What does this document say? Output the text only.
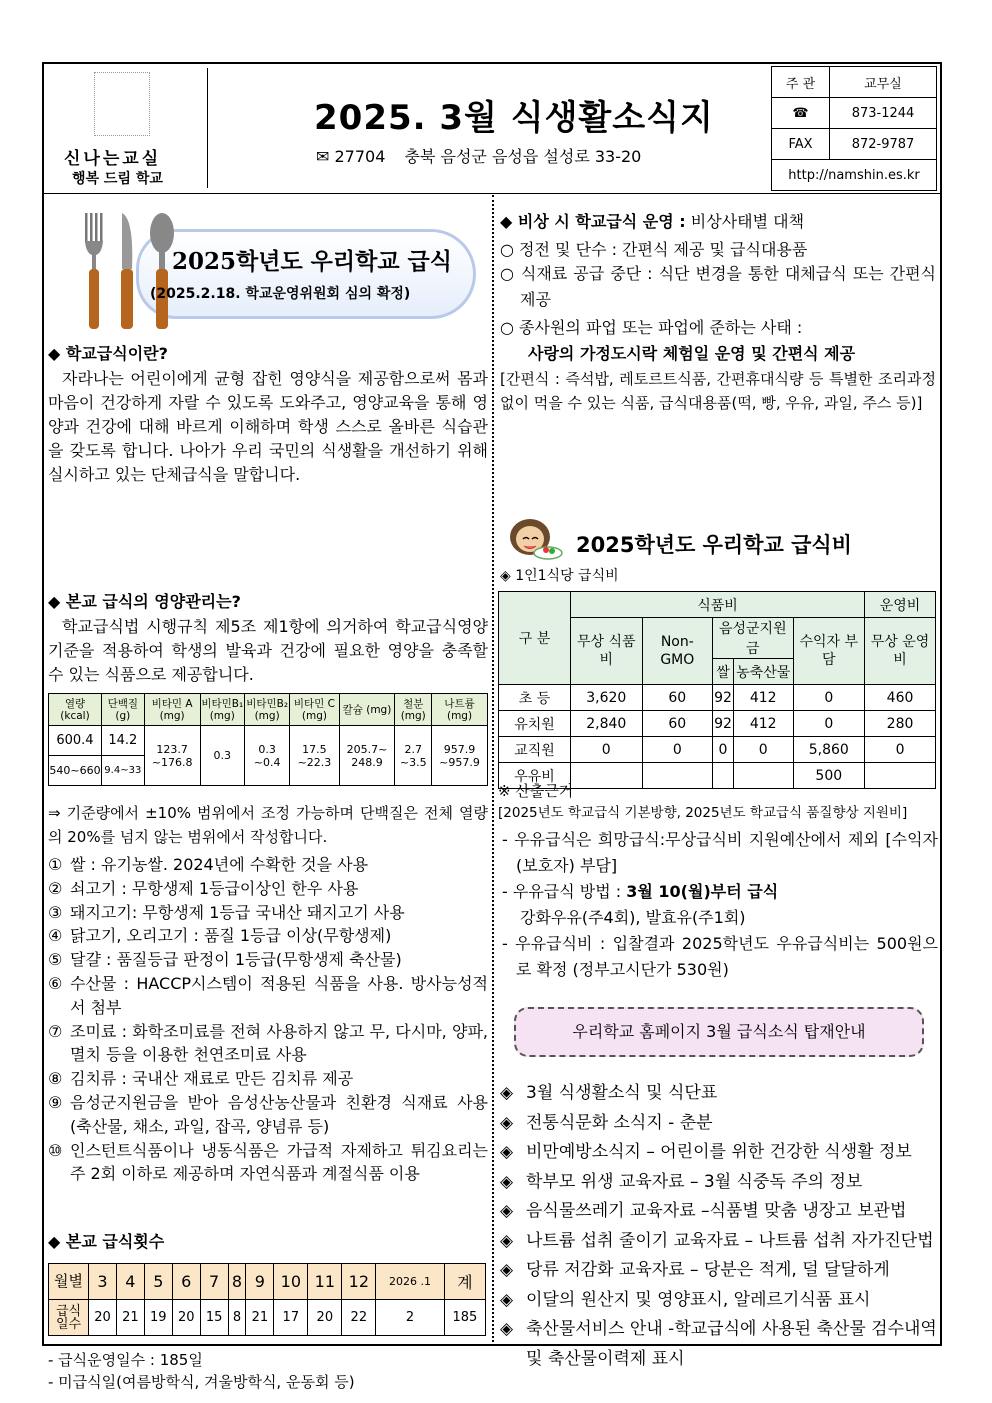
신나는교실
행복 드림 학교
2025. 3월 식생활소식지
✉ 27704 충북 음성군 음성읍 설성로 33-20
주 관	교무실
☎	873-1244
FAX	872-9787
http://namshin.es.kr	
2025학년도 우리학교 급식
(2025.2.18. 학교운영위원회 심의 확정)
◆ 학교급식이란?
자라나는 어린이에게 균형 잡힌 영양식을 제공함으로써 몸과 마음이 건강하게 자랄 수 있도록 도와주고, 영양교육을 통해 영양과 건강에 대해 바르게 이해하며 학생 스스로 올바른 식습관을 갖도록 합니다. 나아가 우리 국민의 식생활을 개선하기 위해 실시하고 있는 단체급식을 말합니다.
◆ 본교 급식의 영양관리는?
학교급식법 시행규칙 제5조 제1항에 의거하여 학교급식영양 기준을 적용하여 학생의 발육과 건강에 필요한 영양을 충족할 수 있는 식품으로 제공합니다.
열량 (kcal)	단백질 (g)	비타민 A (mg)	비타민B₁ (mg)	비타민B₂ (mg)	비타민 C (mg)	칼슘 (mg)	철분 (mg)	나트륨 (mg)
600.4	14.2	123.7 ~176.8	0.3	0.3 ~0.4	17.5 ~22.3	205.7~ 248.9	2.7 ~3.5	957.9 ~957.9
540~660	9.4~33							
⇒ 기준량에서 ±10% 범위에서 조정 가능하며 단백질은 전체 열량의 20%를 넘지 않는 범위에서 작성합니다.
① 쌀 : 유기농쌀. 2024년에 수확한 것을 사용
② 쇠고기 : 무항생제 1등급이상인 한우 사용
③ 돼지고기: 무항생제 1등급 국내산 돼지고기 사용
④ 닭고기, 오리고기 : 품질 1등급 이상(무항생제)
⑤ 달걀 : 품질등급 판정이 1등급(무항생제 축산물)
⑥ 수산물 : HACCP시스템이 적용된 식품을 사용. 방사능성적서 첨부
⑦ 조미료 : 화학조미료를 전혀 사용하지 않고 무, 다시마, 양파, 멸치 등을 이용한 천연조미료 사용
⑧ 김치류 : 국내산 재료로 만든 김치류 제공
⑨ 음성군지원금을 받아 음성산농산물과 친환경 식재료 사용(축산물, 채소, 과일, 잡곡, 양념류 등)
⑩ 인스턴트식품이나 냉동식품은 가급적 자제하고 튀김요리는 주 2회 이하로 제공하며 자연식품과 계절식품 이용
◆ 본교 급식횟수
월별	3	4	5	6	7	8	9	10	11	12	2026 .1	계
급식 일수	20	21	19	20	15	8	21	17	20	22	2	185
- 급식운영일수 : 185일
- 미급식일(여름방학식, 겨울방학식, 운동회 등)
◆ 비상 시 학교급식 운영 : 비상사태별 대책
○ 정전 및 단수 : 간편식 제공 및 급식대용품
○ 식재료 공급 중단 : 식단 변경을 통한 대체급식 또는 간편식 제공
○ 종사원의 파업 또는 파업에 준하는 사태 :
사랑의 가정도시락 체험일 운영 및 간편식 제공
[간편식 : 즉석밥, 레토르트식품, 간편휴대식량 등 특별한 조리과정 없이 먹을 수 있는 식품, 급식대용품(떡, 빵, 우유, 과일, 주스 등)]
2025학년도 우리학교 급식비
◈ 1인1식당 급식비
구 분	식품비					운영비
	무상 식품비	Non- GMO	음성군지원금		수익자 부담	무상 운영비
			쌀	농축산물		
초 등	3,620	60	92	412	0	460
유치원	2,840	60	92	412	0	280
교직원	0	0	0	0	5,860	0
우유비					500	
※ 산출근거
[2025년도 학교급식 기본방향, 2025년도 학교급식 품질향상 지원비]
- 우유급식은 희망급식:무상급식비 지원예산에서 제외 [수익자(보호자) 부담]
- 우유급식 방법 : 3월 10(월)부터 급식
강화우유(주4회), 발효유(주1회)
- 우유급식비 : 입찰결과 2025학년도 우유급식비는 500원으로 확정 (정부고시단가 530원)
우리학교 홈페이지 3월 급식소식 탑재안내
◈ 3월 식생활소식 및 식단표
◈ 전통식문화 소식지 - 춘분
◈ 비만예방소식지 – 어린이를 위한 건강한 식생활 정보
◈ 학부모 위생 교육자료 – 3월 식중독 주의 정보
◈ 음식물쓰레기 교육자료 –식품별 맞춤 냉장고 보관법
◈ 나트륨 섭취 줄이기 교육자료 – 나트륨 섭취 자가진단법
◈ 당류 저감화 교육자료 – 당분은 적게, 덜 달달하게
◈ 이달의 원산지 및 영양표시, 알레르기식품 표시
◈ 축산물서비스 안내 -학교급식에 사용된 축산물 검수내역 및 축산물이력제 표시
